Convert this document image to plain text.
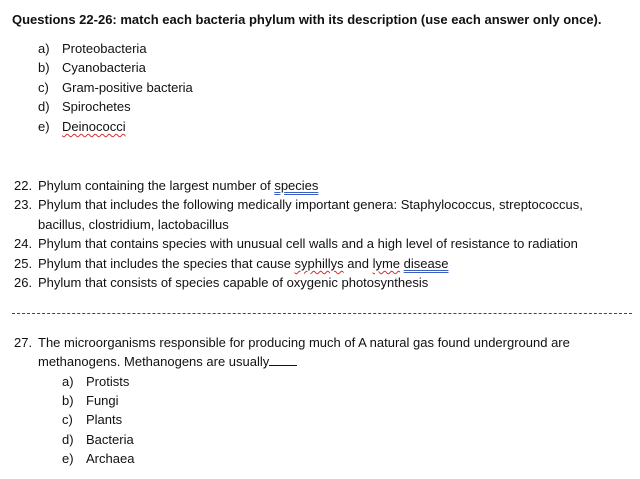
Questions 22-26: match each bacteria phylum with its description (use each answer only once).
a) Proteobacteria
b) Cyanobacteria
c) Gram-positive bacteria
d) Spirochetes
e) Deinococci
22. Phylum containing the largest number of species
23. Phylum that includes the following medically important genera: Staphylococcus, streptococcus,
bacillus, clostridium, lactobacillus
24. Phylum that contains species with unusual cell walls and a high level of resistance to radiation
25. Phylum that includes the species that cause syphillys and lyme disease
26. Phylum that consists of species capable of oxygenic photosynthesis
27. The microorganisms responsible for producing much of A natural gas found underground are
methanogens. Methanogens are usually
a) Protists
b) Fungi
c) Plants
d) Bacteria
e) Archaea
